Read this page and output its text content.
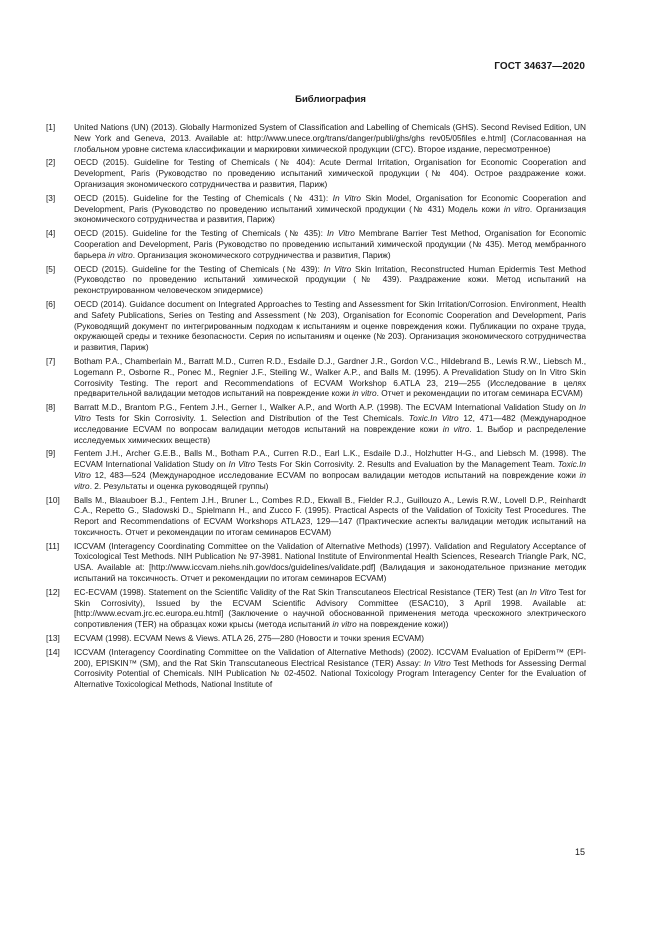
ГОСТ 34637—2020
Библиография
[1]	United Nations (UN) (2013). Globally Harmonized System of Classification and Labelling of Chemicals (GHS). Second Revised Edition, UN New York and Geneva, 2013. Available at: http://www.unece.org/trans/danger/publi/ghs/ghs rev05/05files e.html] (Согласованная на глобальном уровне система классификации и маркировки химической продукции (СГС). Второе издание, пересмотренное)
[2]	OECD (2015). Guideline for Testing of Chemicals (№ 404): Acute Dermal Irritation, Organisation for Economic Cooperation and Development, Paris (Руководство по проведению испытаний химической продукции (№ 404). Острое раздражение кожи. Организация экономического сотрудничества и развития, Париж)
[3]	OECD (2015). Guideline for the Testing of Chemicals (№ 431): In Vitro Skin Model, Organisation for Economic Cooperation and Development, Paris (Руководство по проведению испытаний химической продукции (№ 431) Модель кожи in vitro. Организация экономического сотрудничества и развития, Париж)
[4]	OECD (2015). Guideline for the Testing of Chemicals (№ 435): In Vitro Membrane Barrier Test Method, Organisation for Economic Cooperation and Development, Paris (Руководство по проведению испытаний химической продукции (№ 435). Метод мембранного барьера in vitro. Организация экономического сотрудничества и развития, Париж)
[5]	OECD (2015). Guideline for the Testing of Chemicals (№ 439): In Vitro Skin Irritation, Reconstructed Human Epidermis Test Method (Руководство по проведению испытаний химической продукции (№ 439). Раздражение кожи. Метод испытаний на реконструированном человеческом эпидермисе)
[6]	OECD (2014). Guidance document on Integrated Approaches to Testing and Assessment for Skin Irritation/Corrosion. Environment, Health and Safety Publications, Series on Testing and Assessment (№ 203), Organisation for Economic Cooperation and Development, Paris (Руководящий документ по интегрированным подходам к испытаниям и оценке повреждения кожи. Публикации по охране труда, окружающей среды и технике безопасности. Серия по испытаниям и оценке (№ 203). Организация экономического сотрудничества и развития, Париж)
[7]	Botham P.A., Chamberlain M., Barratt M.D., Curren R.D., Esdaile D.J., Gardner J.R., Gordon V.C., Hildebrand B., Lewis R.W., Liebsch M., Logemann P., Osborne R., Ponec M., Regnier J.F., Steiling W., Walker A.P., and Balls M. (1995). A Prevalidation Study on In Vitro Skin Corrosivity Testing. The report and Recommendations of ECVAM Workshop 6.ATLA 23, 219—255 (Исследование в целях предварительной валидации методов испытаний на повреждение кожи in vitro. Отчет и рекомендации по итогам семинара ECVAM)
[8]	Barratt M.D., Brantom P.G., Fentem J.H., Gerner I., Walker A.P., and Worth A.P. (1998). The ECVAM International Validation Study on In Vitro Tests for Skin Corrosivity. 1. Selection and Distribution of the Test Chemicals. Toxic.In Vitro 12, 471—482 (Международное исследование ECVAM по вопросам валидации методов испытаний на повреждение кожи in vitro. 1. Выбор и распределение исследуемых химических веществ)
[9]	Fentem J.H., Archer G.E.B., Balls M., Botham P.A., Curren R.D., Earl L.K., Esdaile D.J., Holzhutter H-G., and Liebsch M. (1998). The ECVAM International Validation Study on In Vitro Tests For Skin Corrosivity. 2. Results and Evaluation by the Management Team. Toxic.In Vitro 12, 483—524 (Международное исследование ECVAM по вопросам валидации методов испытаний на повреждение кожи in vitro. 2. Результаты и оценка руководящей группы)
[10]	Balls M., Blaauboer B.J., Fentem J.H., Bruner L., Combes R.D., Ekwall B., Fielder R.J., Guillouzo A., Lewis R.W., Lovell D.P., Reinhardt C.A., Repetto G., Sladowski D., Spielmann H., and Zucco F. (1995). Practical Aspects of the Validation of Toxicity Test Procedures. The Report and Recommendations of ECVAM Workshops ATLA23, 129—147 (Практические аспекты валидации методик испытаний на токсичность. Отчет и рекомендации по итогам семинаров ECVAM)
[11]	ICCVAM (Interagency Coordinating Committee on the Validation of Alternative Methods) (1997). Validation and Regulatory Acceptance of Toxicological Test Methods. NIH Publication № 97-3981. National Institute of Environmental Health Sciences, Research Triangle Park, NC, USA. Available at: [http://www.iccvam.niehs.nih.gov/docs/guidelines/validate.pdf] (Валидация и законодательное признание методик испытаний на токсичность. Отчет и рекомендации по итогам семинаров ECVAM)
[12]	EC-ECVAM (1998). Statement on the Scientific Validity of the Rat Skin Transcutaneos Electrical Resistance (TER) Test (an In Vitro Test for Skin Corrosivity), Issued by the ECVAM Scientific Advisory Committee (ESAC10), 3 April 1998. Available at: [http://www.ecvam.jrc.ec.europa.eu.html] (Заключение о научной обоснованной применения метода чрескожного электрического сопротивления (TER) на образцах кожи крысы (метода испытаний in vitro на повреждение кожи))
[13]	ECVAM (1998). ECVAM News & Views. ATLA 26, 275—280 (Новости и точки зрения ECVAM)
[14]	ICCVAM (Interagency Coordinating Committee on the Validation of Alternative Methods) (2002). ICCVAM Evaluation of EpiDerm™ (EPI-200), EPISKIN™ (SM), and the Rat Skin Transcutaneous Electrical Resistance (TER) Assay: In Vitro Test Methods for Assessing Dermal Corrosivity Potential of Chemicals. NIH Publication № 02-4502. National Toxicology Program Interagency Center for the Evaluation of Alternative Toxicological Methods, National Institute of
15
